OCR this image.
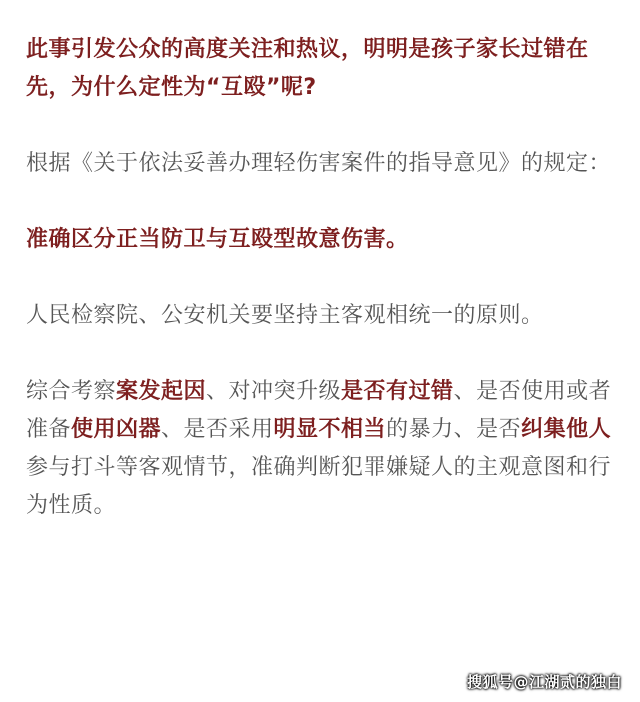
此事引发公众的高度关注和热议，明明是孩子家长过错在先，为什么定性为“互殴”呢?

根据《关于依法妥善办理轻伤害案件的指导意见》的规定：

准确区分正当防卫与互殴型故意伤害。

人民检察院、公安机关要坚持主客观相统一的原则。

综合考察案发起因、对冲突升级是否有过错、是否使用或者准备使用凶器、是否采用明显不相当的暴力、是否纠集他人参与打斗等客观情节，准确判断犯罪嫌疑人的主观意图和行为性质。

搜狐号@江湖贰的独白
